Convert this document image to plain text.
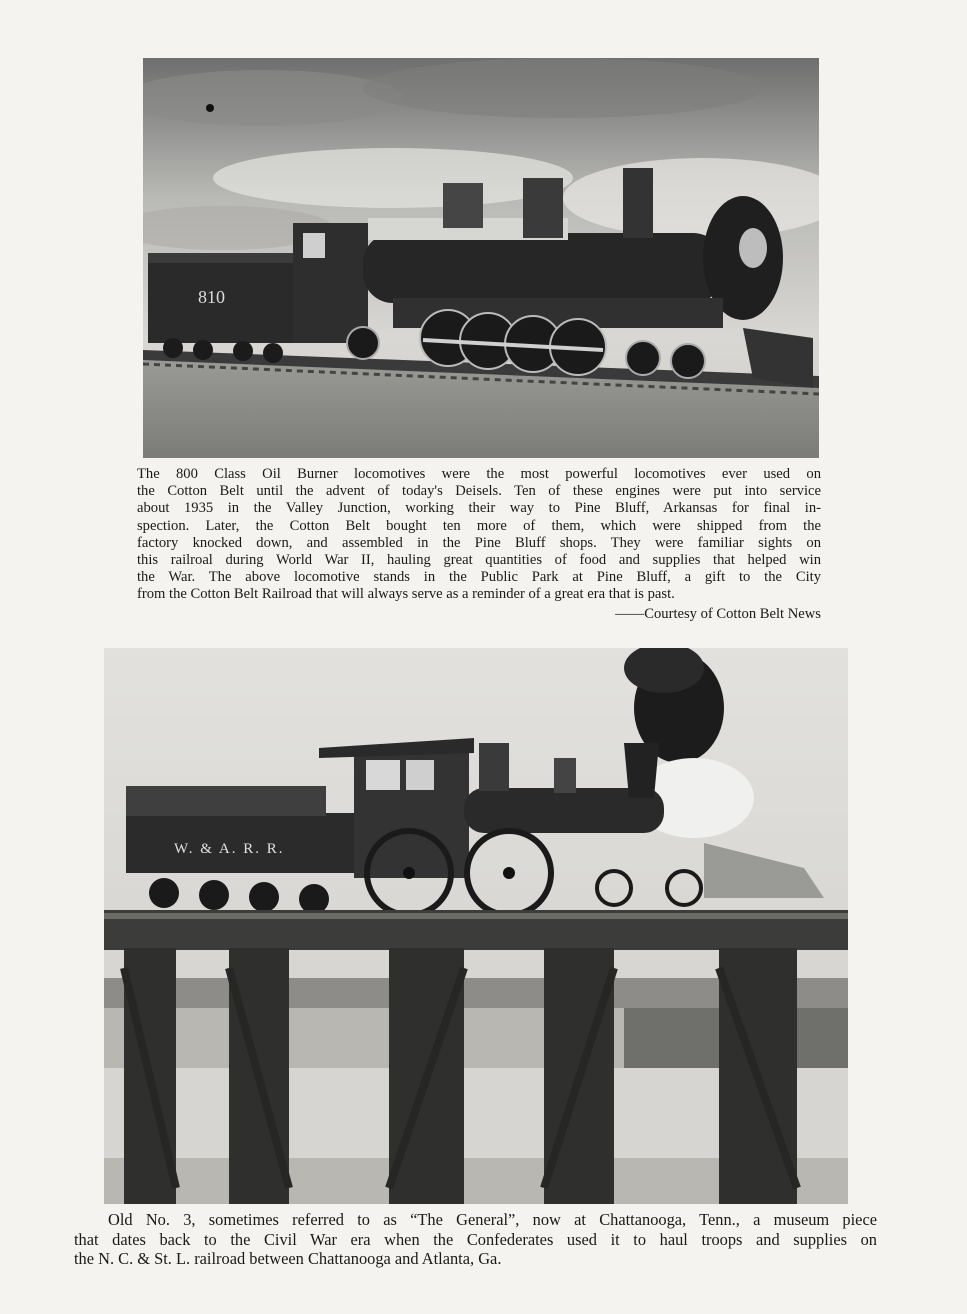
810

The 800 Class Oil Burner locomotives were the most powerful locomotives ever used on
the Cotton Belt until the advent of today's Deisels. Ten of these engines were put into service
about 1935 in the Valley Junction, working their way to Pine Bluff, Arkansas for final in-
spection. Later, the Cotton Belt bought ten more of them, which were shipped from the
factory knocked down, and assembled in the Pine Bluff shops. They were familiar sights on
this railroal during World War II, hauling great quantities of food and supplies that helped win
the War. The above locomotive stands in the Public Park at Pine Bluff, a gift to the City
from the Cotton Belt Railroad that will always serve as a reminder of a great era that is past.

——Courtesy of Cotton Belt News

W. & A. R. R.

Old No. 3, sometimes referred to as “The General”, now at Chattanooga, Tenn., a museum piece
that dates back to the Civil War era when the Confederates used it to haul troops and supplies on
the N. C. & St. L. railroad between Chattanooga and Atlanta, Ga.
